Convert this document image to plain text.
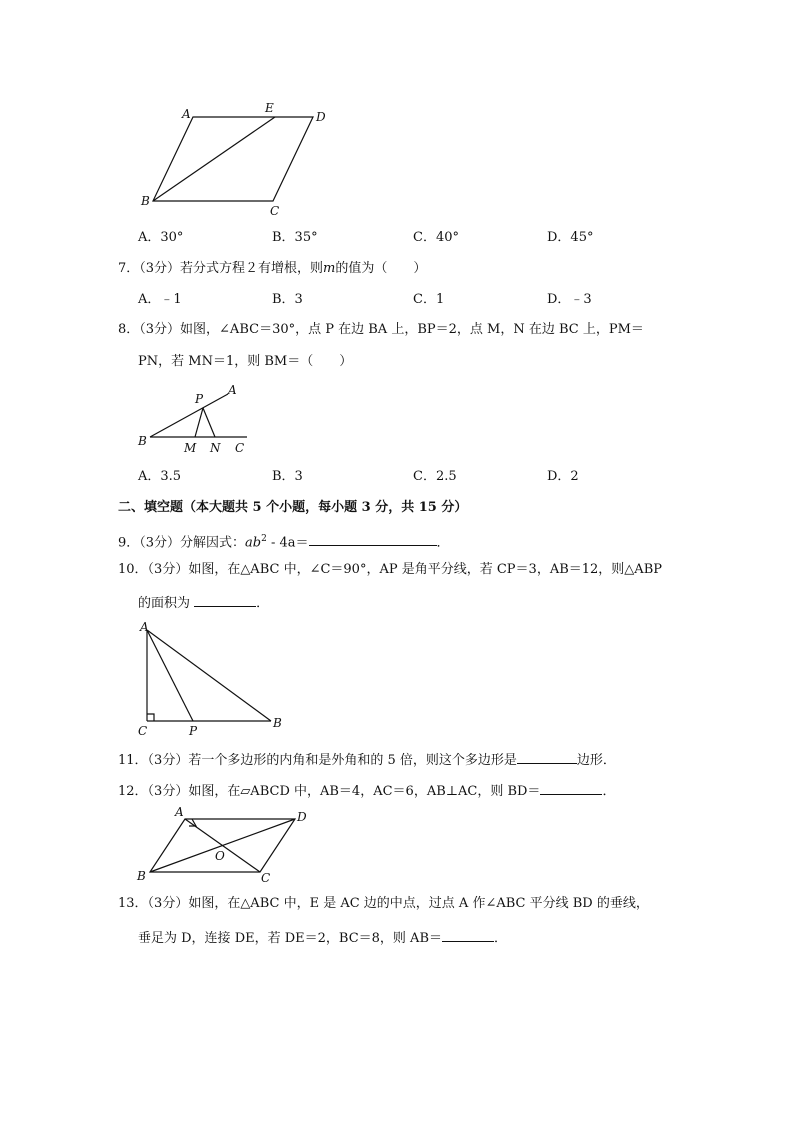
A	E
D
B
C
A．30°	B．35°	C．40°	D．45°
7．（3分）若分式方程２有增根，则m的值为（　　）
A．﹣1	B．3	C．1	D．﹣3
8．（3分）如图，∠ABC＝30°，点 P 在边 BA 上，BP＝2，点 M，N 在边 BC 上，PM＝
PN，若 MN＝1，则 BM＝（　　）
P
A
B	M N C
A．3.5	B．3	C．2.5	D．2
二、填空题（本大题共 5 个小题，每小题 3 分，共 15 分）
9．（3分）分解因式：$ab^2 - 4a=$	．
10．（3分）如图，在△ABC 中，∠C＝90°，AP 是角平分线，若 CP＝3，AB＝12，则△ABP
的面积为	．
A
C	P
B
11．（3分）若一个多边形的内角和是外角和的 5 倍，则这个多边形是	边形．
12．（3分）如图，在▱ABCD 中，AB＝4，AC＝6，AB⊥AC，则 BD＝	．
A	D
O
B	C
13．（3分）如图，在△ABC 中，E 是 AC 边的中点，过点 A 作∠ABC 平分线 BD 的垂线，
垂足为 D，连接 DE，若 DE＝2，BC＝8，则 AB＝	．
